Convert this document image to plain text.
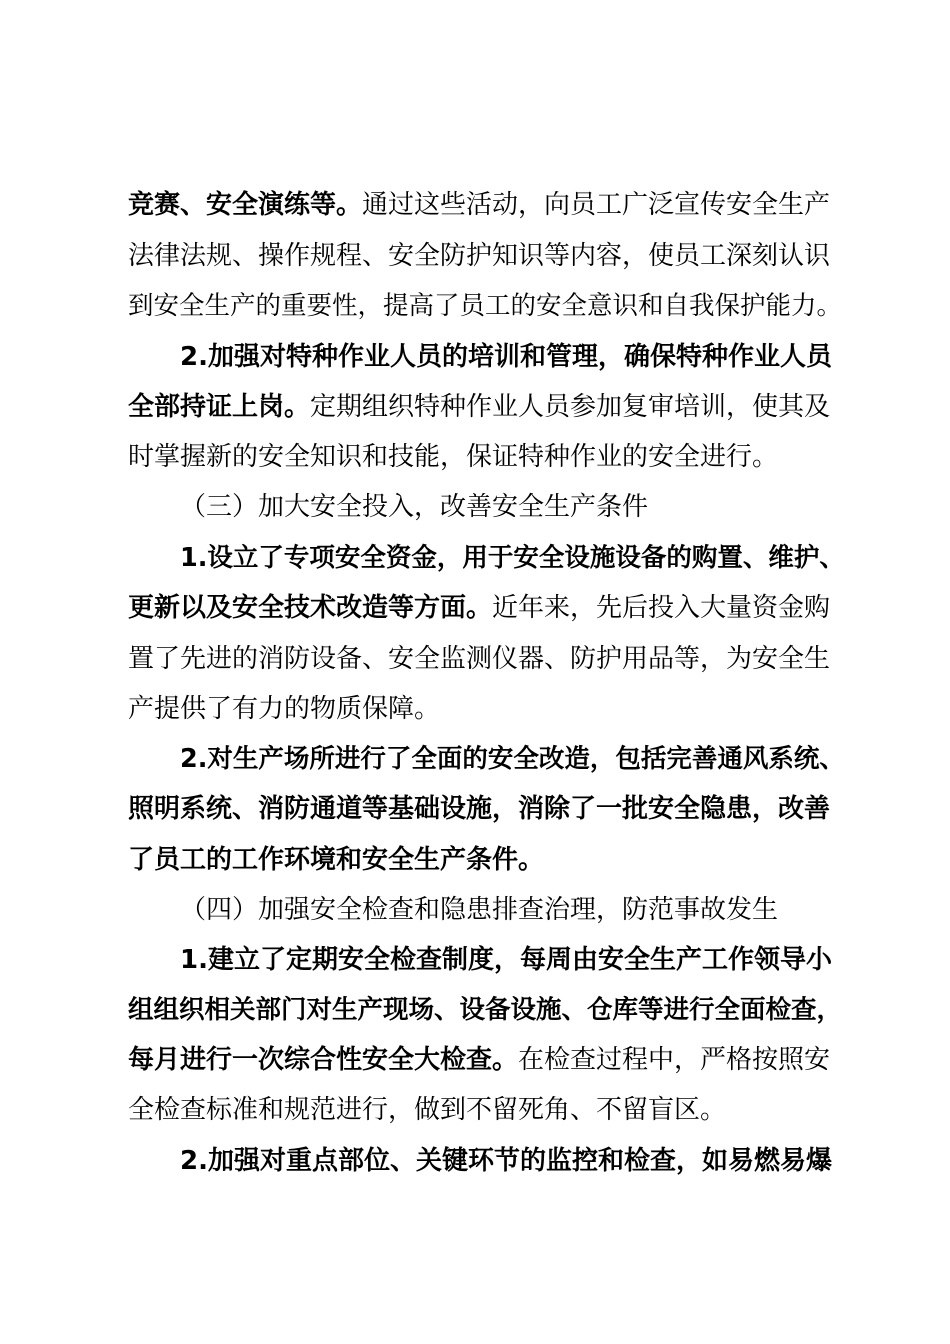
竞赛、安全演练等。通过这些活动，向员工广泛宣传安全生产
法律法规、操作规程、安全防护知识等内容，使员工深刻认识
到安全生产的重要性，提高了员工的安全意识和自我保护能力。
2.加强对特种作业人员的培训和管理，确保特种作业人员
全部持证上岗。定期组织特种作业人员参加复审培训，使其及
时掌握新的安全知识和技能，保证特种作业的安全进行。
（三）加大安全投入，改善安全生产条件
1.设立了专项安全资金，用于安全设施设备的购置、维护、
更新以及安全技术改造等方面。近年来，先后投入大量资金购
置了先进的消防设备、安全监测仪器、防护用品等，为安全生
产提供了有力的物质保障。
2.对生产场所进行了全面的安全改造，包括完善通风系统、
照明系统、消防通道等基础设施，消除了一批安全隐患，改善
了员工的工作环境和安全生产条件。
（四）加强安全检查和隐患排查治理，防范事故发生
1.建立了定期安全检查制度，每周由安全生产工作领导小
组组织相关部门对生产现场、设备设施、仓库等进行全面检查，
每月进行一次综合性安全大检查。在检查过程中，严格按照安
全检查标准和规范进行，做到不留死角、不留盲区。
2.加强对重点部位、关键环节的监控和检查，如易燃易爆
